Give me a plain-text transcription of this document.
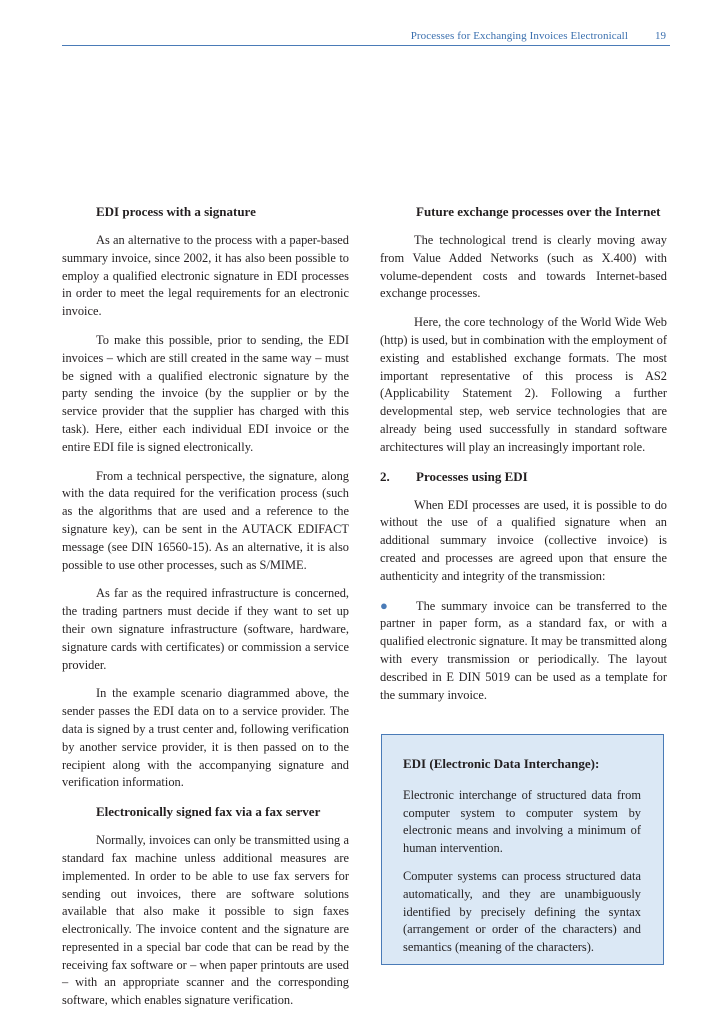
Processes for Exchanging Invoices Electronicall 19
EDI process with a signature

As an alternative to the process with a paper-based summary invoice, since 2002, it has also been possible to employ a qualified electronic signature in EDI processes in order to meet the legal requirements for an electronic invoice.

To make this possible, prior to sending, the EDI invoices – which are still created in the same way – must be signed with a qualified electronic signature by the party sending the invoice (by the supplier or by the service provider that the supplier has charged with this task). Here, either each individual EDI invoice or the entire EDI file is signed electronically.

From a technical perspective, the signature, along with the data required for the verification process (such as the algorithms that are used and a reference to the signature key), can be sent in the AUTACK EDIFACT message (see DIN 16560-15). As an alternative, it is also possible to use other processes, such as S/MIME.

As far as the required infrastructure is concerned, the trading partners must decide if they want to set up their own signature infrastructure (software, hardware, signature cards with certificates) or commission a service provider.

In the example scenario diagrammed above, the sender passes the EDI data on to a service provider. The data is signed by a trust center and, following verification by another service provider, it is then passed on to the recipient along with the accompanying signature and verification information.

Electronically signed fax via a fax server

Normally, invoices can only be transmitted using a standard fax machine unless additional measures are implemented. In order to be able to use fax servers for sending out invoices, there are software solutions available that also make it possible to sign faxes electronically. The invoice content and the signature are represented in a special bar code that can be read by the receiving fax software or – when paper printouts are used – with an appropriate scanner and the corresponding software, which enables signature verification.

Future exchange processes over the Internet

The technological trend is clearly moving away from Value Added Networks (such as X.400) with volume-dependent costs and towards Internet-based exchange processes.

Here, the core technology of the World Wide Web (http) is used, but in combination with the employment of existing and established exchange formats. The most important representative of this process is AS2 (Applicability Statement 2). Following a further developmental step, web service technologies that are already being used successfully in standard software architectures will play an increasingly important role.

2.	Processes using EDI

When EDI processes are used, it is possible to do without the use of a qualified signature when an additional summary invoice (collective invoice) is created and processes are agreed upon that ensure the authenticity and integrity of the transmission:

● The summary invoice can be transferred to the partner in paper form, as a standard fax, or with a qualified electronic signature. It may be transmitted along with every transmission or periodically. The layout described in E DIN 5019 can be used as a template for the summary invoice.
EDI (Electronic Data Interchange):

Electronic interchange of structured data from computer system to computer system by electronic means and involving a minimum of human intervention.

Computer systems can process structured data automatically, and they are unambiguously identified by precisely defining the syntax (arrangement or order of the characters) and semantics (meaning of the characters).
